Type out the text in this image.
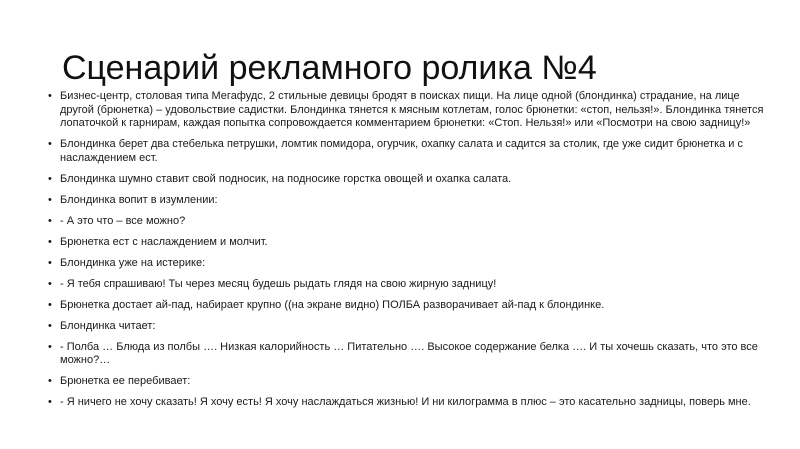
Сценарий рекламного ролика №4
• Бизнес-центр, столовая типа Мегафудс, 2 стильные девицы бродят в поисках пищи. На лице одной (блондинка) страдание, на лице другой (брюнетка) – удовольствие садистки. Блондинка тянется к мясным котлетам, голос брюнетки: «стоп, нельзя!». Блондинка тянется лопаточкой к гарнирам, каждая попытка сопровождается комментарием брюнетки: «Стоп. Нельзя!» или «Посмотри на свою задницу!»
• Блондинка берет два стебелька петрушки, ломтик помидора, огурчик, охапку салата и садится за столик, где уже сидит брюнетка и с наслаждением ест.
• Блондинка шумно ставит свой подносик, на подносике горстка овощей и охапка салата.
• Блондинка вопит в изумлении:
• - А это что – все можно?
• Брюнетка ест с наслаждением и молчит.
• Блондинка уже на истерике:
• - Я тебя спрашиваю! Ты через месяц будешь рыдать глядя на свою жирную задницу!
• Брюнетка достает ай-пад, набирает крупно ((на экране видно) ПОЛБА разворачивает ай-пад к блондинке.
• Блондинка читает:
• - Полба … Блюда из полбы …. Низкая калорийность … Питательно …. Высокое содержание белка …. И ты хочешь сказать, что это все можно?…
• Брюнетка ее перебивает:
• - Я ничего не хочу сказать! Я хочу есть! Я хочу наслаждаться жизнью! И ни килограмма в плюс – это касательно задницы, поверь мне.
